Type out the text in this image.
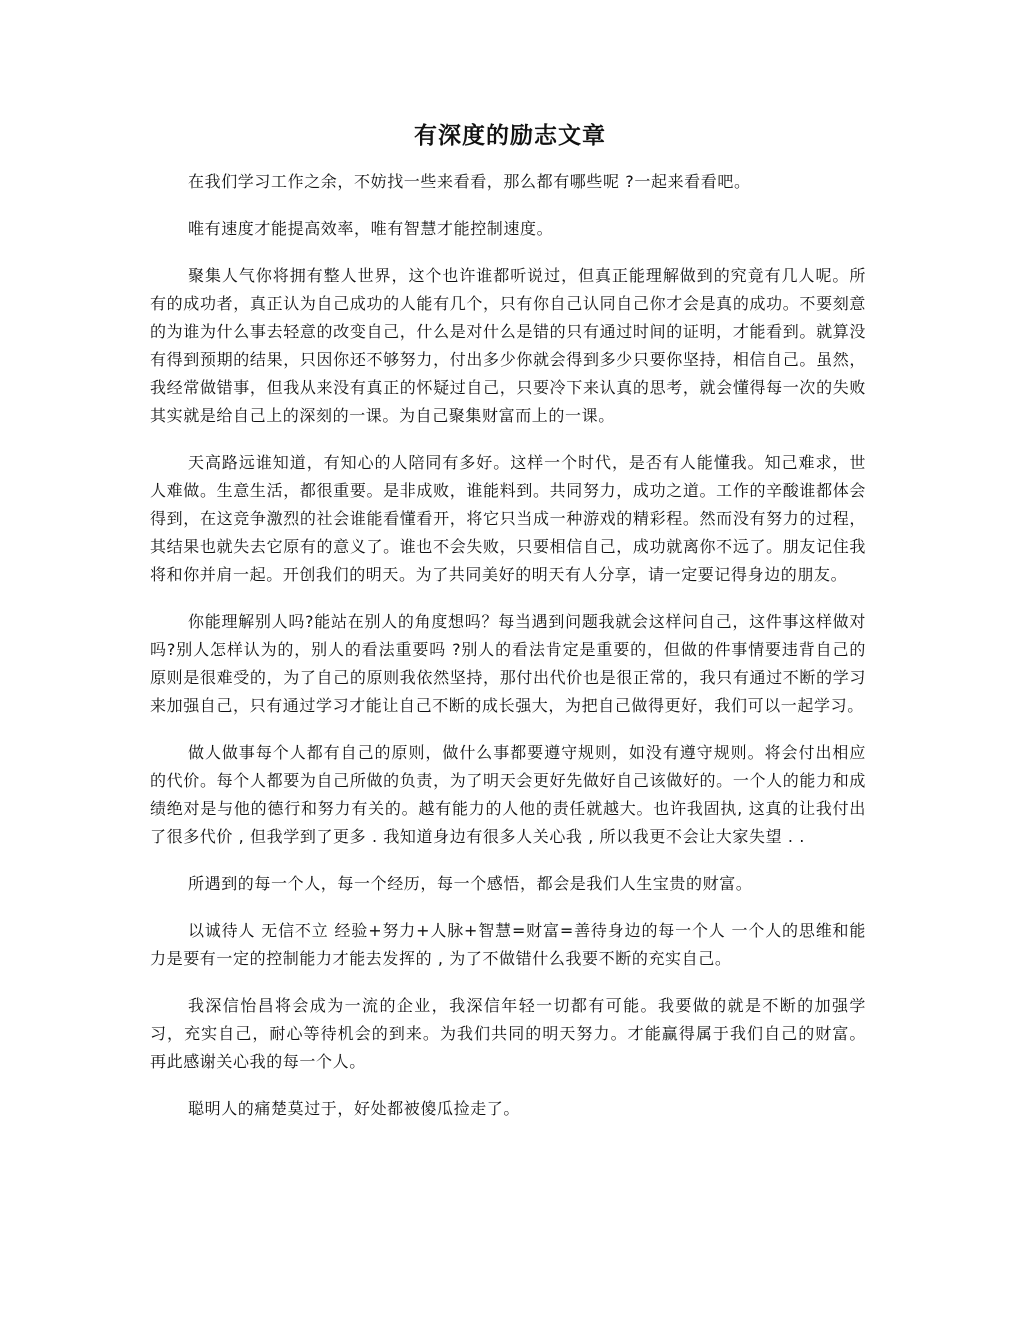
有深度的励志文章

在我们学习工作之余，不妨找一些来看看，那么都有哪些呢 ?一起来看看吧。

唯有速度才能提高效率，唯有智慧才能控制速度。

聚集人气你将拥有整人世界，这个也许谁都听说过，但真正能理解做到的究竟有几人呢。所有的成功者，真正认为自己成功的人能有几个，只有你自己认同自己你才会是真的成功。不要刻意的为谁为什么事去轻意的改变自己，什么是对什么是错的只有通过时间的证明，才能看到。就算没有得到预期的结果，只因你还不够努力，付出多少你就会得到多少只要你坚持，相信自己。虽然，我经常做错事，但我从来没有真正的怀疑过自己，只要冷下来认真的思考，就会懂得每一次的失败其实就是给自己上的深刻的一课。为自己聚集财富而上的一课。

天高路远谁知道，有知心的人陪同有多好。这样一个时代，是否有人能懂我。知己难求，世人难做。生意生活，都很重要。是非成败，谁能料到。共同努力，成功之道。工作的辛酸谁都体会得到，在这竞争激烈的社会谁能看懂看开，将它只当成一种游戏的精彩程。然而没有努力的过程，其结果也就失去它原有的意义了。谁也不会失败，只要相信自己，成功就离你不远了。朋友记住我将和你并肩一起。开创我们的明天。为了共同美好的明天有人分享，请一定要记得身边的朋友。

你能理解别人吗?能站在别人的角度想吗？每当遇到问题我就会这样问自己，这件事这样做对吗?别人怎样认为的，别人的看法重要吗 ?别人的看法肯定是重要的，但做的件事情要违背自己的原则是很难受的，为了自己的原则我依然坚持，那付出代价也是很正常的，我只有通过不断的学习来加强自己，只有通过学习才能让自己不断的成长强大，为把自己做得更好，我们可以一起学习。

做人做事每个人都有自己的原则，做什么事都要遵守规则，如没有遵守规则。将会付出相应的代价。每个人都要为自己所做的负责，为了明天会更好先做好自己该做好的。一个人的能力和成绩绝对是与他的德行和努力有关的。越有能力的人他的责任就越大。也许我固执, 这真的让我付出了很多代价 , 但我学到了更多 . 我知道身边有很多人关心我 , 所以我更不会让大家失望 . .

所遇到的每一个人，每一个经历，每一个感悟，都会是我们人生宝贵的财富。

以诚待人 无信不立 经验+努力+人脉+智慧=财富=善待身边的每一个人 一个人的思维和能力是要有一定的控制能力才能去发挥的 , 为了不做错什么我要不断的充实自己。

我深信怡昌将会成为一流的企业，我深信年轻一切都有可能。我要做的就是不断的加强学习，充实自己，耐心等待机会的到来。为我们共同的明天努力。才能赢得属于我们自己的财富。 再此感谢关心我的每一个人。

聪明人的痛楚莫过于，好处都被傻瓜捡走了。
